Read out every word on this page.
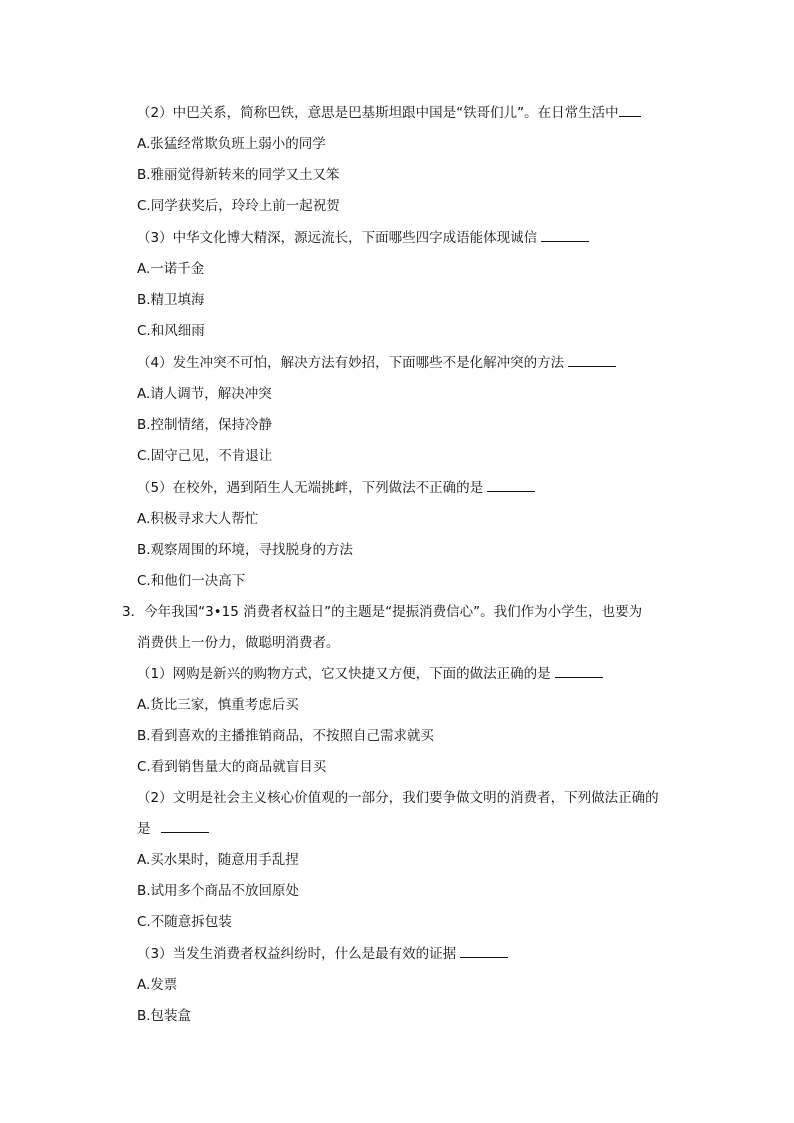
（2）中巴关系，简称巴铁，意思是巴基斯坦跟中国是“铁哥们儿”。在日常生活中
A.张猛经常欺负班上弱小的同学
B.雅丽觉得新转来的同学又土又笨
C.同学获奖后，玲玲上前一起祝贺
（3）中华文化博大精深，源远流长，下面哪些四字成语能体现诚信
A.一诺千金
B.精卫填海
C.和风细雨
（4）发生冲突不可怕，解决方法有妙招，下面哪些不是化解冲突的方法
A.请人调节，解决冲突
B.控制情绪，保持冷静
C.固守己见，不肯退让
（5）在校外，遇到陌生人无端挑衅，下列做法不正确的是
A.积极寻求大人帮忙
B.观察周围的环境，寻找脱身的方法
C.和他们一决高下
3．今年我国“3•15 消费者权益日”的主题是“提振消费信心”。我们作为小学生，也要为
消费供上一份力，做聪明消费者。
（1）网购是新兴的购物方式，它又快捷又方便，下面的做法正确的是
A.货比三家，慎重考虑后买
B.看到喜欢的主播推销商品，不按照自己需求就买
C.看到销售量大的商品就盲目买
（2）文明是社会主义核心价值观的一部分，我们要争做文明的消费者，下列做法正确的
是
A.买水果时，随意用手乱捏
B.试用多个商品不放回原处
C.不随意拆包装
（3）当发生消费者权益纠纷时，什么是最有效的证据
A.发票
B.包装盒
